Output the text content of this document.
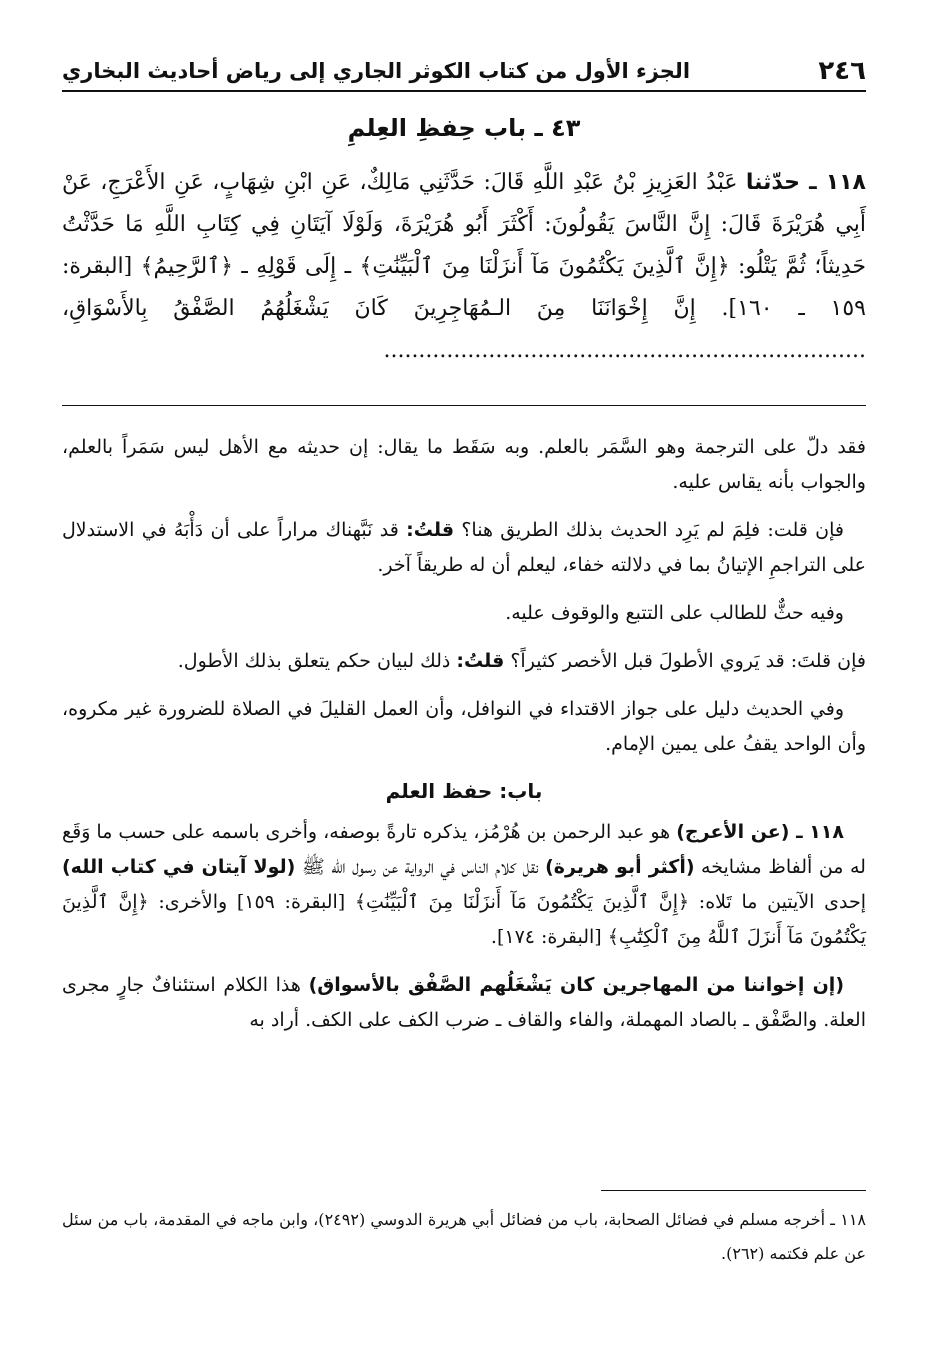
٢٤٦
الجزء الأول من كتاب الكوثر الجاري إلى رياض أحاديث البخاري
٤٣ ـ باب حِفظِ العِلمِ
١١٨ ـ حدّثنا عَبْدُ العَزِيزِ بْنُ عَبْدِ اللَّهِ قَالَ: حَدَّثَنِي مَالِكٌ، عَنِ ابْنِ شِهَابٍ، عَنِ الأَعْرَجِ، عَنْ أَبِي هُرَيْرَةَ قَالَ: إِنَّ النَّاسَ يَقُولُونَ: أَكْثَرَ أَبُو هُرَيْرَةَ، وَلَوْلَا آيَتَانِ فِي كِتَابِ اللَّهِ مَا حَدَّثْتُ حَدِيثاً؛ ثُمَّ يَتْلُو: ﴿إِنَّ ٱلَّذِينَ يَكْتُمُونَ مَآ أَنزَلْنَا مِنَ ٱلْبَيِّنَٰتِ﴾ ـ إِلَى قَوْلِهِ ـ ﴿ٱلرَّحِيمُ﴾ [البقرة: ١٥٩ ـ ١٦٠]. إِنَّ إِخْوَانَنَا مِنَ الـمُهَاجِرِينَ كَانَ يَشْغَلُهُمُ الصَّفْقُ بِالأَسْوَاقِ، .....................................................................

فقد دلّ على الترجمة وهو السَّمَر بالعلم. وبه سَقَط ما يقال: إن حديثه مع الأهل ليس سَمَراً بالعلم، والجواب بأنه يقاس عليه.

فإن قلت: فلِمَ لم يَرِد الحديث بذلك الطريق هنا؟ قلتُ: قد نَبَّهناك مراراً على أن دَأْبَهُ في الاستدلال على التراجمِ الإتيانُ بما في دلالته خفاء، ليعلم أن له طريقاً آخر.

وفيه حثٌّ للطالب على التتبع والوقوف عليه.

فإن قلتَ: قد يَروي الأطولَ قبل الأخصر كثيراً؟ قلتُ: ذلك لبيان حكم يتعلق بذلك الأطول.

وفي الحديث دليل على جواز الاقتداء في النوافل، وأن العمل القليلَ في الصلاة للضرورة غير مكروه، وأن الواحد يقفُ على يمين الإمام.

باب: حفظ العلم

١١٨ ـ (عن الأعرج) هو عبد الرحمن بن هُرْمُز، يذكره تارةً بوصفه، وأخرى باسمه على حسب ما وَقَع له من ألفاظ مشايخه (أكثر أبو هريرة) نقل كلام الناس في الرواية عن رسول الله ﷺ (لولا آيتان في كتاب الله) إحدى الآيتين ما تَلاه: ﴿إِنَّ ٱلَّذِينَ يَكْتُمُونَ مَآ أَنزَلْنَا مِنَ ٱلْبَيِّنَٰتِ﴾ [البقرة: ١٥٩] والأخرى: ﴿إِنَّ ٱلَّذِينَ يَكْتُمُونَ مَآ أَنزَلَ ٱللَّهُ مِنَ ٱلْكِتَٰبِ﴾ [البقرة: ١٧٤].

(إن إخواننا من المهاجرين كان يَشْغَلُهم الصَّفْق بالأسواق) هذا الكلام استئنافٌ جارٍ مجرى العلة. والصَّفْق ـ بالصاد المهملة، والفاء والقاف ـ ضرب الكف على الكف. أراد به

١١٨ ـ أخرجه مسلم في فضائل الصحابة، باب من فضائل أبي هريرة الدوسي (٢٤٩٢)، وابن ماجه في المقدمة، باب من سئل عن علم فكتمه (٢٦٢).
